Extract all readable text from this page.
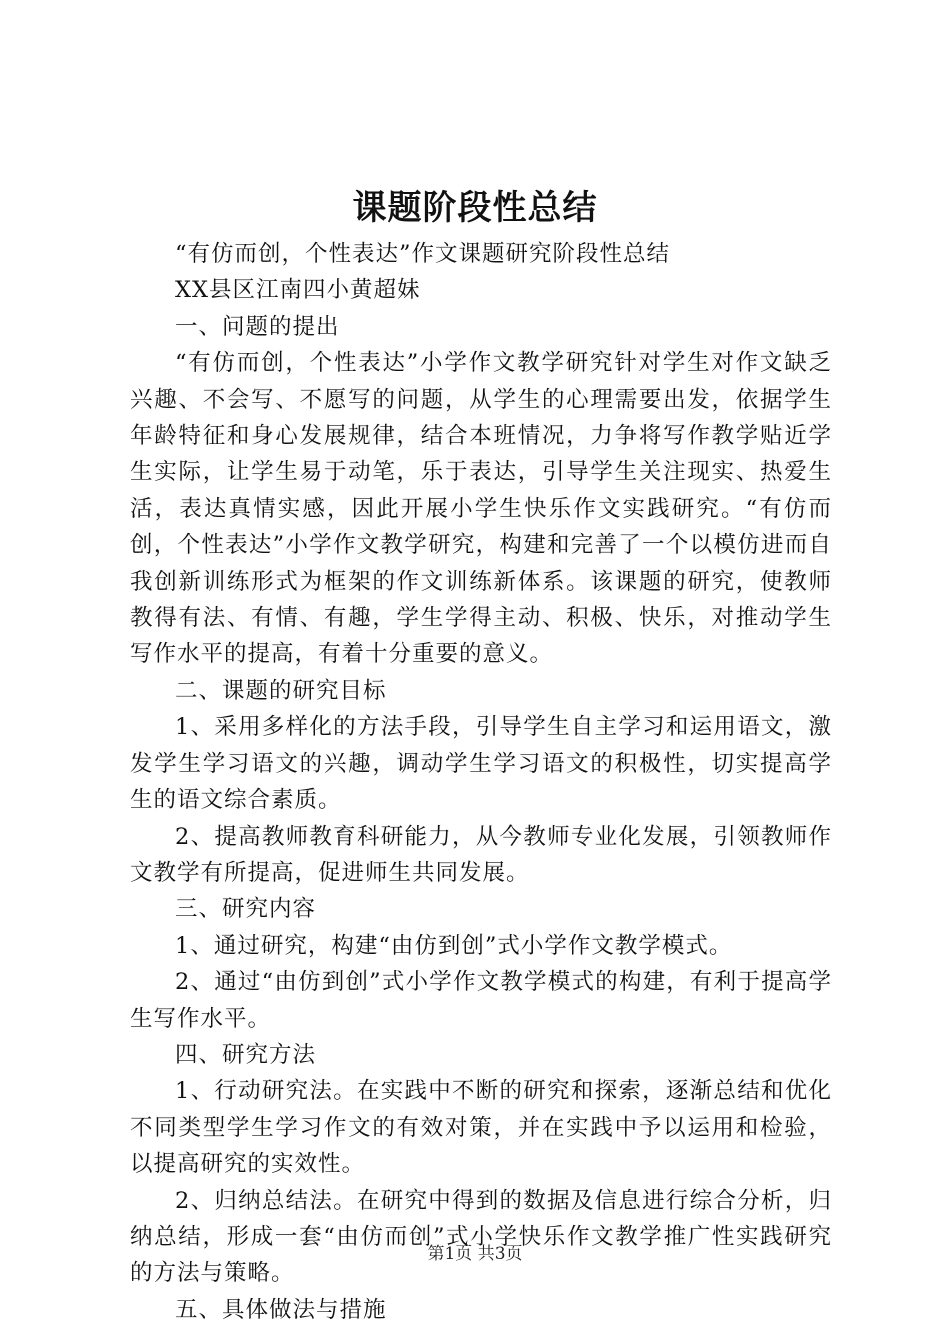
课题阶段性总结

“有仿而创，个性表达”作文课题研究阶段性总结

XX县区江南四小黄超妹

一、问题的提出

“有仿而创，个性表达”小学作文教学研究针对学生对作文缺乏兴趣、不会写、不愿写的问题，从学生的心理需要出发，依据学生年龄特征和身心发展规律，结合本班情况，力争将写作教学贴近学生实际，让学生易于动笔，乐于表达，引导学生关注现实、热爱生活，表达真情实感，因此开展小学生快乐作文实践研究。“有仿而创，个性表达”小学作文教学研究，构建和完善了一个以模仿进而自我创新训练形式为框架的作文训练新体系。该课题的研究，使教师教得有法、有情、有趣，学生学得主动、积极、快乐，对推动学生写作水平的提高，有着十分重要的意义。

二、课题的研究目标

1、采用多样化的方法手段，引导学生自主学习和运用语文，激发学生学习语文的兴趣，调动学生学习语文的积极性，切实提高学生的语文综合素质。

2、提高教师教育科研能力，从今教师专业化发展，引领教师作文教学有所提高，促进师生共同发展。

三、研究内容

1、通过研究，构建“由仿到创”式小学作文教学模式。

2、通过“由仿到创”式小学作文教学模式的构建，有利于提高学生写作水平。

四、研究方法

1、行动研究法。在实践中不断的研究和探索，逐渐总结和优化不同类型学生学习作文的有效对策，并在实践中予以运用和检验，以提高研究的实效性。

2、归纳总结法。在研究中得到的数据及信息进行综合分析，归纳总结，形成一套“由仿而创”式小学快乐作文教学推广性实践研究的方法与策略。

五、具体做法与措施

第1页 共3页
